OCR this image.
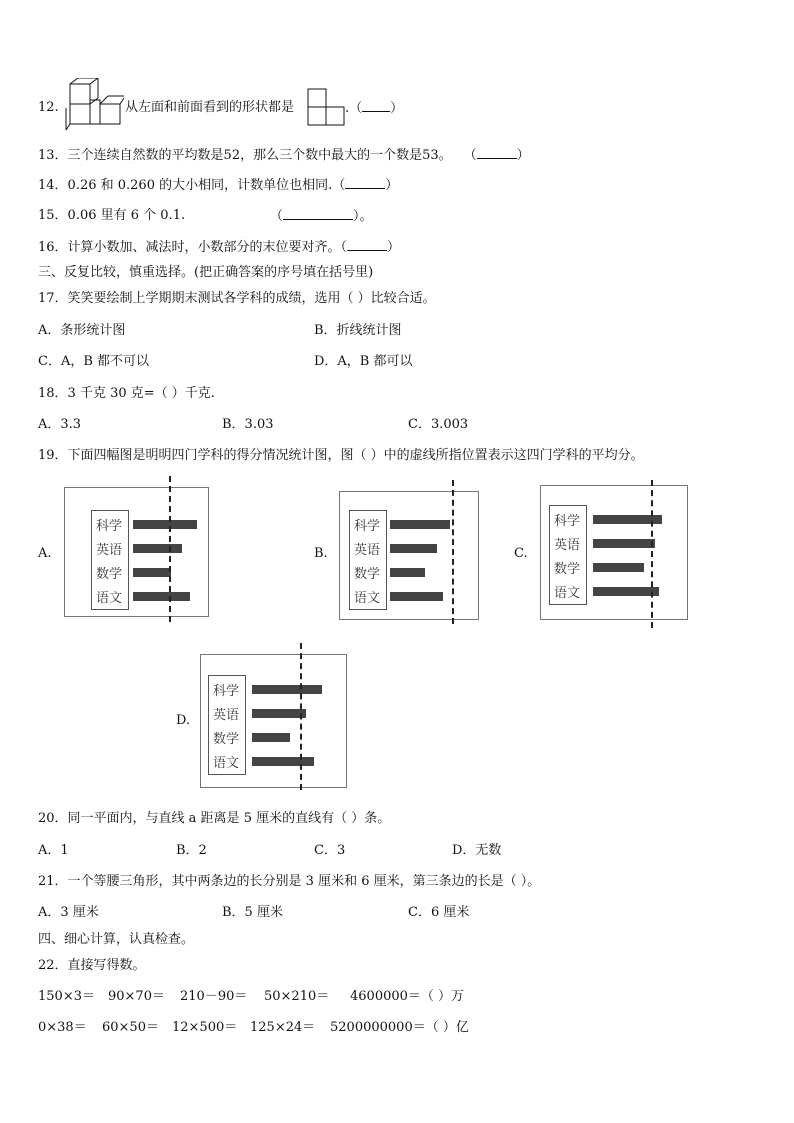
12.	从左面和前面看到的形状都是	.（ ）
13．三个连续自然数的平均数是52，那么三个数中最大的一个数是53。 （	）
14．0.26 和 0.260 的大小相同，计数单位也相同.（	）
15．0.06 里有 6 个 0.1.	（	）。
16．计算小数加、减法时，小数部分的末位要对齐。（	）
三、反复比较，慎重选择。(把正确答案的序号填在括号里)
17．笑笑要绘制上学期期末测试各学科的成绩，选用（ ）比较合适。
A．条形统计图	B．折线统计图
C．A，B 都不可以	D．A，B 都可以
18．3 千克 30 克=（ ）千克.
A．3.3	B．3.03	C．3.003
19．下面四幅图是明明四门学科的得分情况统计图，图（ ）中的虚线所指位置表示这四门学科的平均分。
A.	B.	C.
D.
科学
英语
数学
语文
科学
英语
数学
语文
科学
英语
数学
语文
科学
英语
数学
语文
20．同一平面内，与直线 a 距离是 5 厘米的直线有（ ）条。
A．1	B．2	C．3	D．无数
21．一个等腰三角形，其中两条边的长分别是 3 厘米和 6 厘米，第三条边的长是（ ）。
A．3 厘米	B．5 厘米	C．6 厘米
四、细心计算，认真检查。
22．直接写得数。
150×3＝ 90×70＝ 210－90＝ 50×210＝ 4600000＝（ ）万
0×38＝ 60×50＝ 12×500＝ 125×24＝ 5200000000＝（ ）亿
